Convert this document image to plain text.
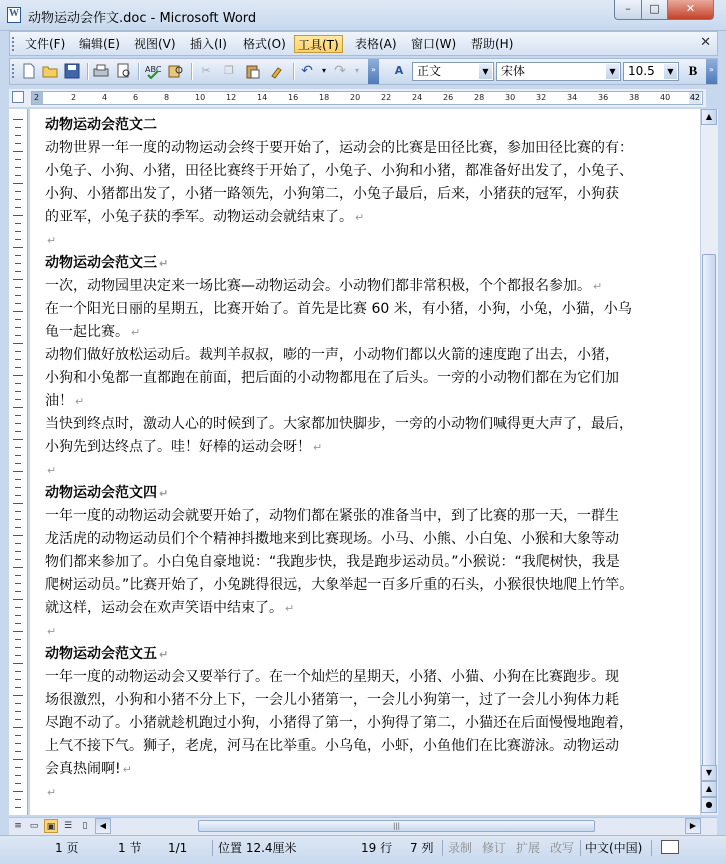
W
动物运动会作文.doc - Microsoft Word
–	□	✕
文件(F) 编辑(E) 视图(V) 插入(I) 格式(O)	工具(T)	表格(A) 窗口(W) 帮助(H)	✕
ABC	✂	❐	↶	▾ ↷	▾	»	A	正文	▼	宋体	▼	10.5	▼ B	»
2	2	4	6	8	10	12	14	16	18	20	22	24	26	28	30	32	34	36	38	40 42
动物运动会范文二
动物世界一年一度的动物运动会终于要开始了，运动会的比赛是田径比赛，参加田径比赛的有：
小兔子、小狗、小猪，田径比赛终于开始了，小兔子、小狗和小猪，都准备好出发了，小兔子、
小狗、小猪都出发了，小猪一路领先，小狗第二，小兔子最后，后来，小猪获的冠军，小狗获
的亚军，小兔子获的季军。动物运动会就结束了。 ↵
↵
动物运动会范文三 ↵
一次，动物园里决定来一场比赛—动物运动会。小动物们都非常积极，个个都报名参加。 ↵
在一个阳光日丽的星期五，比赛开始了。首先是比赛 60 米，有小猪，小狗，小兔，小猫，小乌
龟一起比赛。 ↵
动物们做好放松运动后。裁判羊叔叔，嘭的一声，小动物们都以火箭的速度跑了出去，小猪，
小狗和小兔都一直都跑在前面，把后面的小动物都甩在了后头。一旁的小动物们都在为它们加
油！ ↵
当快到终点时，激动人心的时候到了。大家都加快脚步，一旁的小动物们喊得更大声了，最后，
小狗先到达终点了。哇！好棒的运动会呀！ ↵
↵
动物运动会范文四 ↵
一年一度的动物运动会就要开始了，动物们都在紧张的准备当中，到了比赛的那一天，一群生
龙活虎的动物运动员们个个精神抖擞地来到比赛现场。小马、小熊、小白兔、小猴和大象等动
物们都来参加了。小白兔自豪地说：“我跑步快，我是跑步运动员。”小猴说：“我爬树快，我是
爬树运动员。”比赛开始了，小兔跳得很远，大象举起一百多斤重的石头，小猴很快地爬上竹竿。
就这样，运动会在欢声笑语中结束了。 ↵
↵
动物运动会范文五 ↵
一年一度的动物运动会又要举行了。在一个灿烂的星期天，小猪、小猫、小狗在比赛跑步。现
场很激烈，小狗和小猪不分上下，一会儿小猪第一，一会儿小狗第一，过了一会儿小狗体力耗
尽跑不动了。小猪就趁机跑过小狗，小猪得了第一，小狗得了第二，小猫还在后面慢慢地跑着，
上气不接下气。狮子，老虎，河马在比举重。小乌龟，小虾，小鱼他们在比赛游泳。动物运动
会真热闹啊! ↵
↵
▲
▼
▲
●
≡ ▭ ▣ ☰	▯	▲	|||	▼
1 页	1 节 1/1	位置 12.4厘米	19 行 7 列 录制 修订 扩展 改写 中文(中国)
